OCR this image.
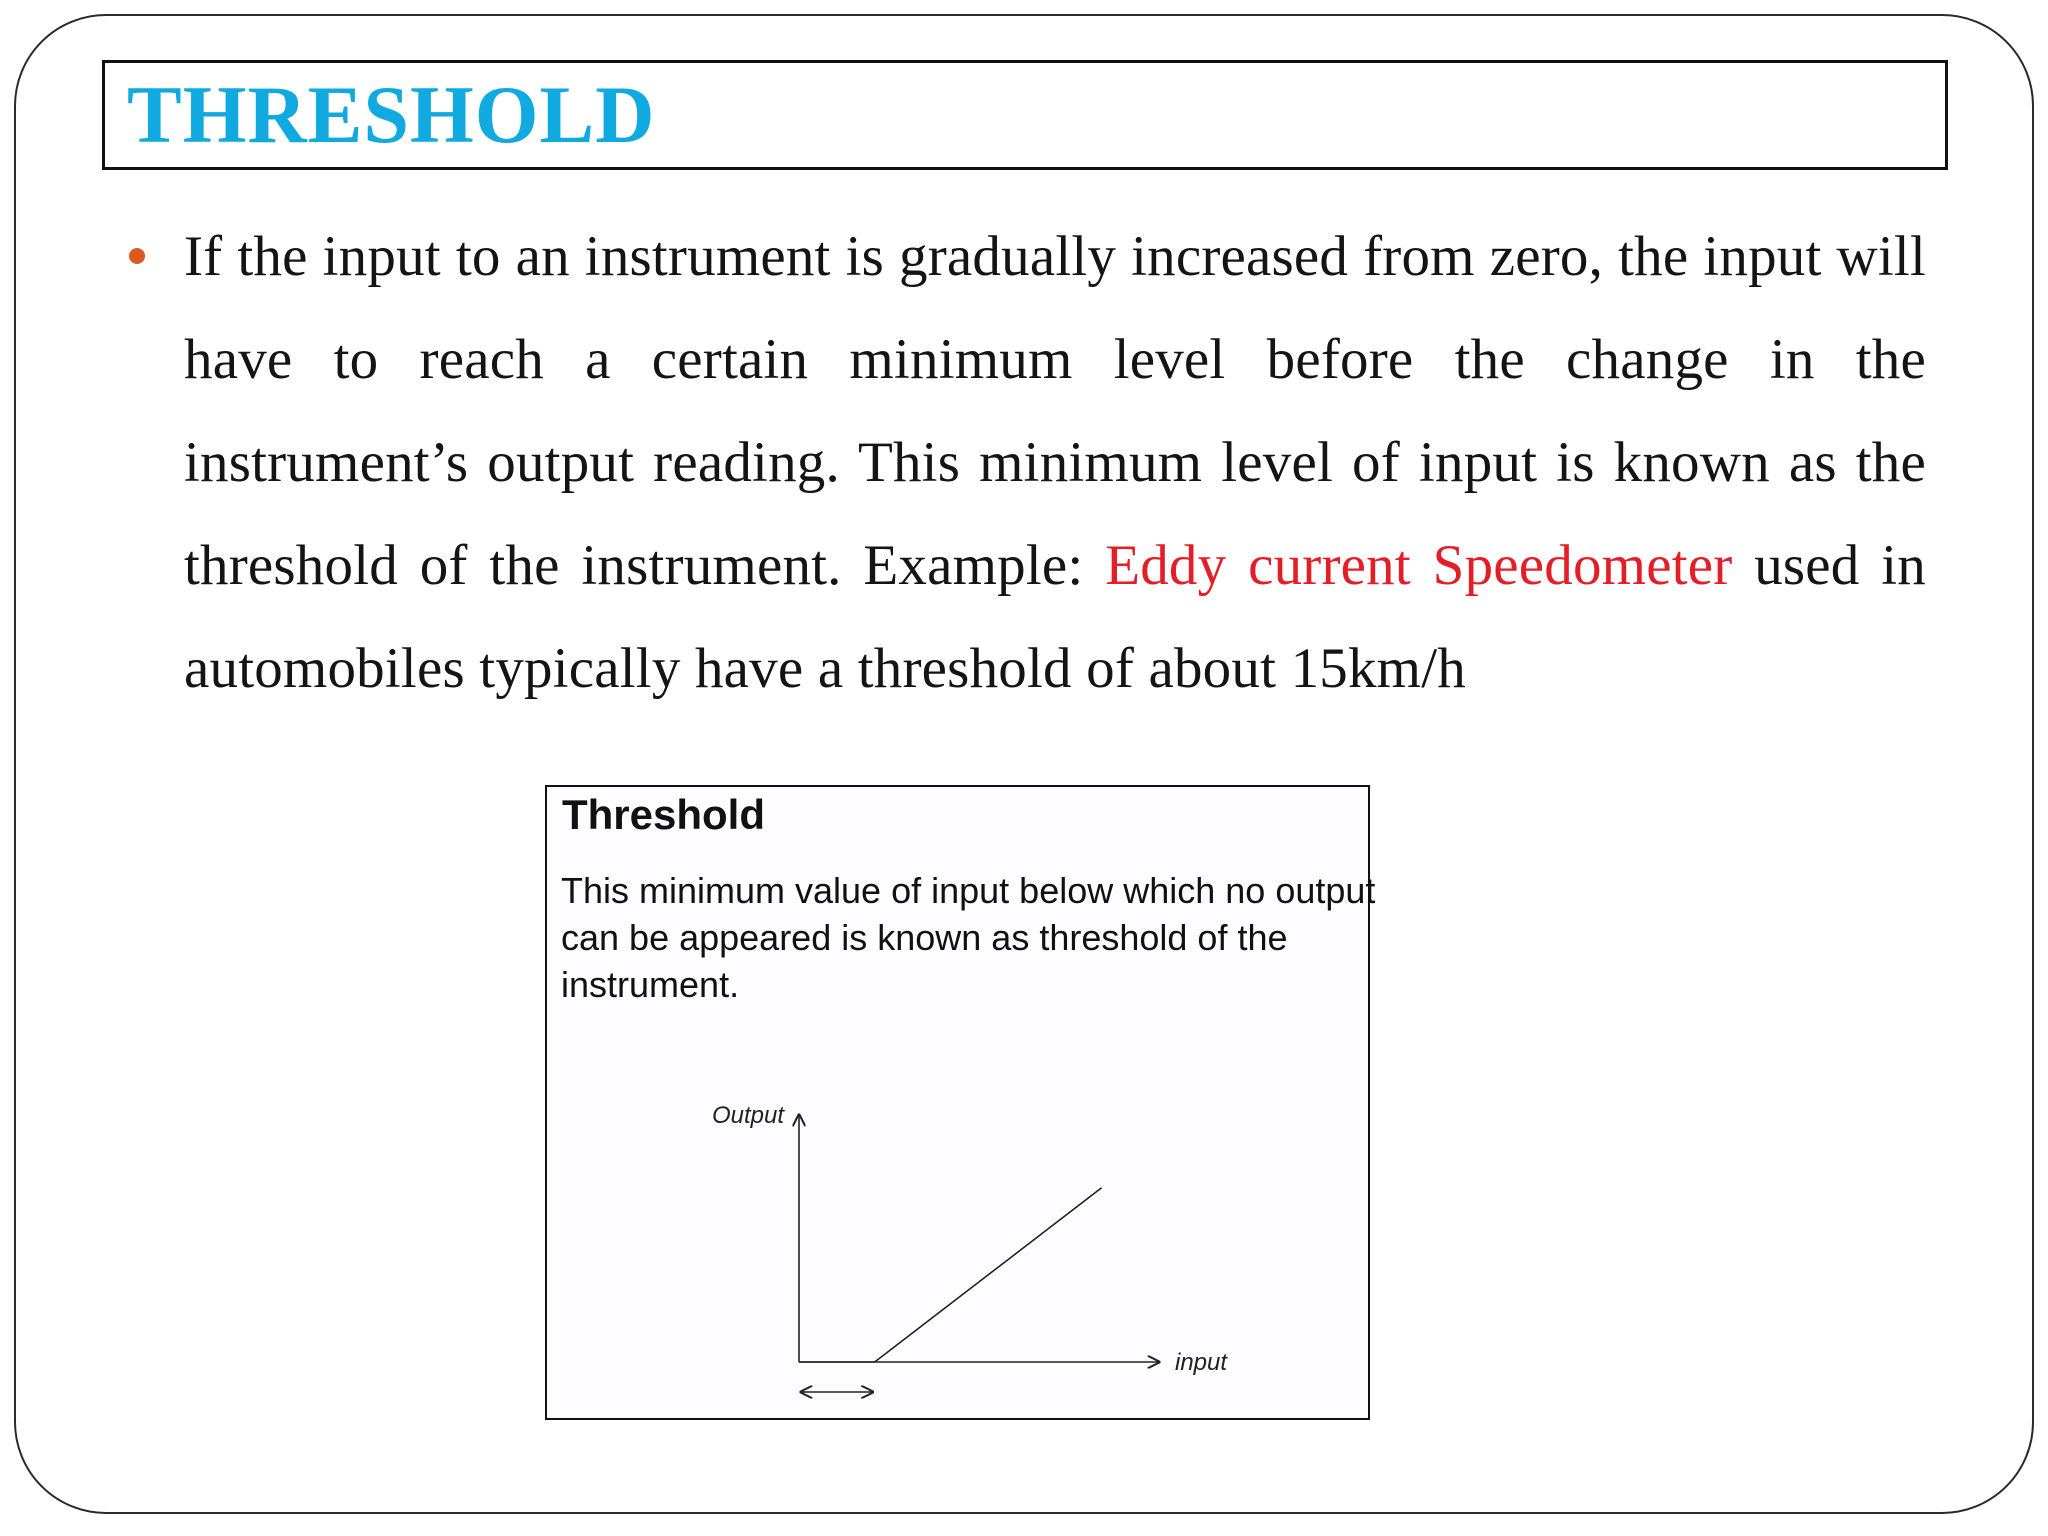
THRESHOLD

If the input to an instrument is gradually increased from zero, the input will have to reach a certain minimum level before the change in the instrument’s output reading. This minimum level of input is known as the threshold of the instrument. Example: Eddy current Speedometer used in automobiles typically have a threshold of about 15km/h

Threshold
This minimum value of input below which no output can be appeared is known as threshold of the instrument.
Output
input
